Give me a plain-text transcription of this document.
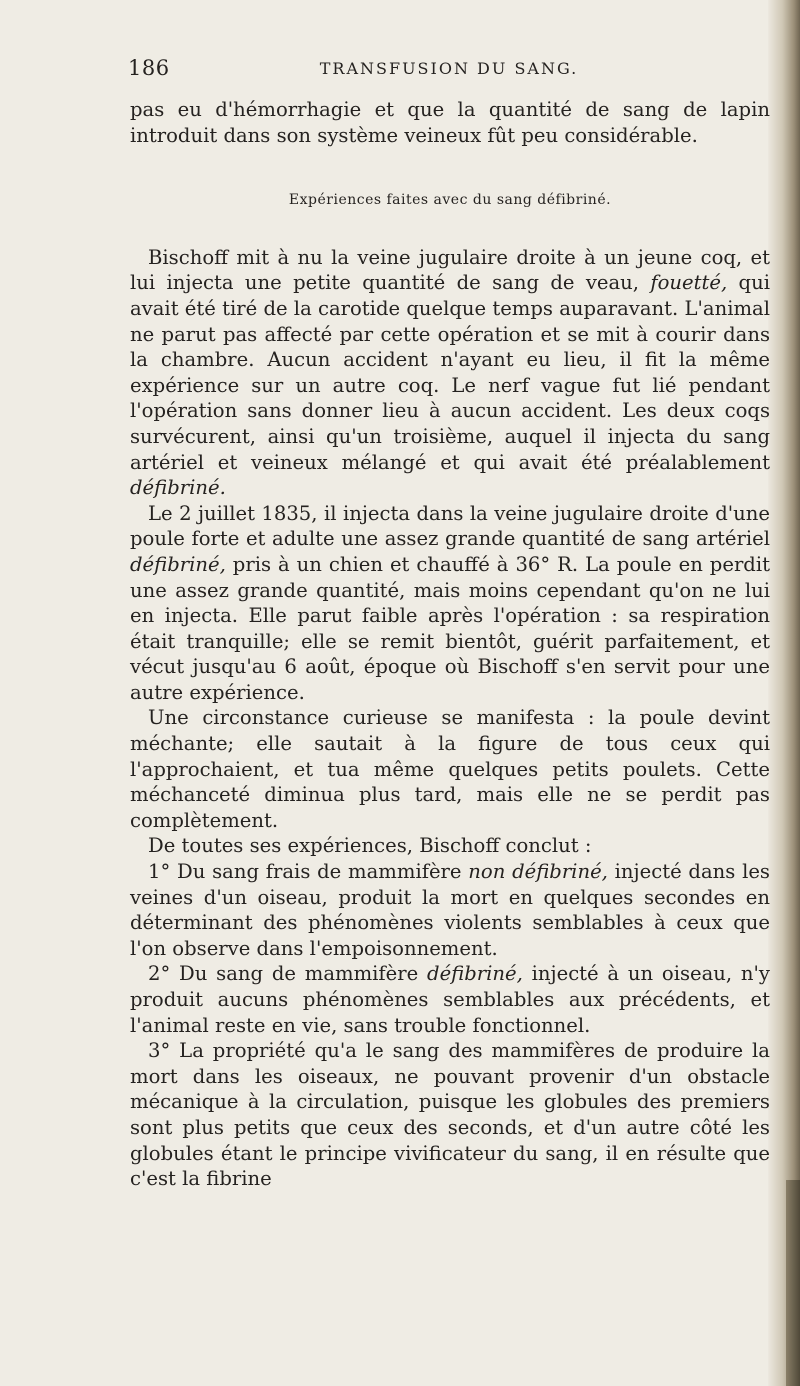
186	TRANSFUSION DU SANG.

pas eu d'hémorrhagie et que la quantité de sang de lapin introduit dans son système veineux fût peu considérable.

Expériences faites avec du sang défibriné.

Bischoff mit à nu la veine jugulaire droite à un jeune coq, et lui injecta une petite quantité de sang de veau, fouetté, qui avait été tiré de la carotide quelque temps auparavant. L'animal ne parut pas affecté par cette opération et se mit à courir dans la chambre. Aucun accident n'ayant eu lieu, il fit la même expérience sur un autre coq. Le nerf vague fut lié pendant l'opération sans donner lieu à aucun accident. Les deux coqs survécurent, ainsi qu'un troisième, auquel il injecta du sang artériel et veineux mélangé et qui avait été préalablement défibriné.

Le 2 juillet 1835, il injecta dans la veine jugulaire droite d'une poule forte et adulte une assez grande quantité de sang artériel défibriné, pris à un chien et chauffé à 36° R. La poule en perdit une assez grande quantité, mais moins cependant qu'on ne lui en injecta. Elle parut faible après l'opération : sa respiration était tranquille; elle se remit bientôt, guérit parfaitement, et vécut jusqu'au 6 août, époque où Bischoff s'en servit pour une autre expérience.

Une circonstance curieuse se manifesta : la poule devint méchante; elle sautait à la figure de tous ceux qui l'approchaient, et tua même quelques petits poulets. Cette méchanceté diminua plus tard, mais elle ne se perdit pas complètement.

De toutes ses expériences, Bischoff conclut :

1° Du sang frais de mammifère non défibriné, injecté dans les veines d'un oiseau, produit la mort en quelques secondes en déterminant des phénomènes violents semblables à ceux que l'on observe dans l'empoisonnement.

2° Du sang de mammifère défibriné, injecté à un oiseau, n'y produit aucuns phénomènes semblables aux précédents, et l'animal reste en vie, sans trouble fonctionnel.

3° La propriété qu'a le sang des mammifères de produire la mort dans les oiseaux, ne pouvant provenir d'un obstacle mécanique à la circulation, puisque les globules des premiers sont plus petits que ceux des seconds, et d'un autre côté les globules étant le principe vivificateur du sang, il en résulte que c'est la fibrine
